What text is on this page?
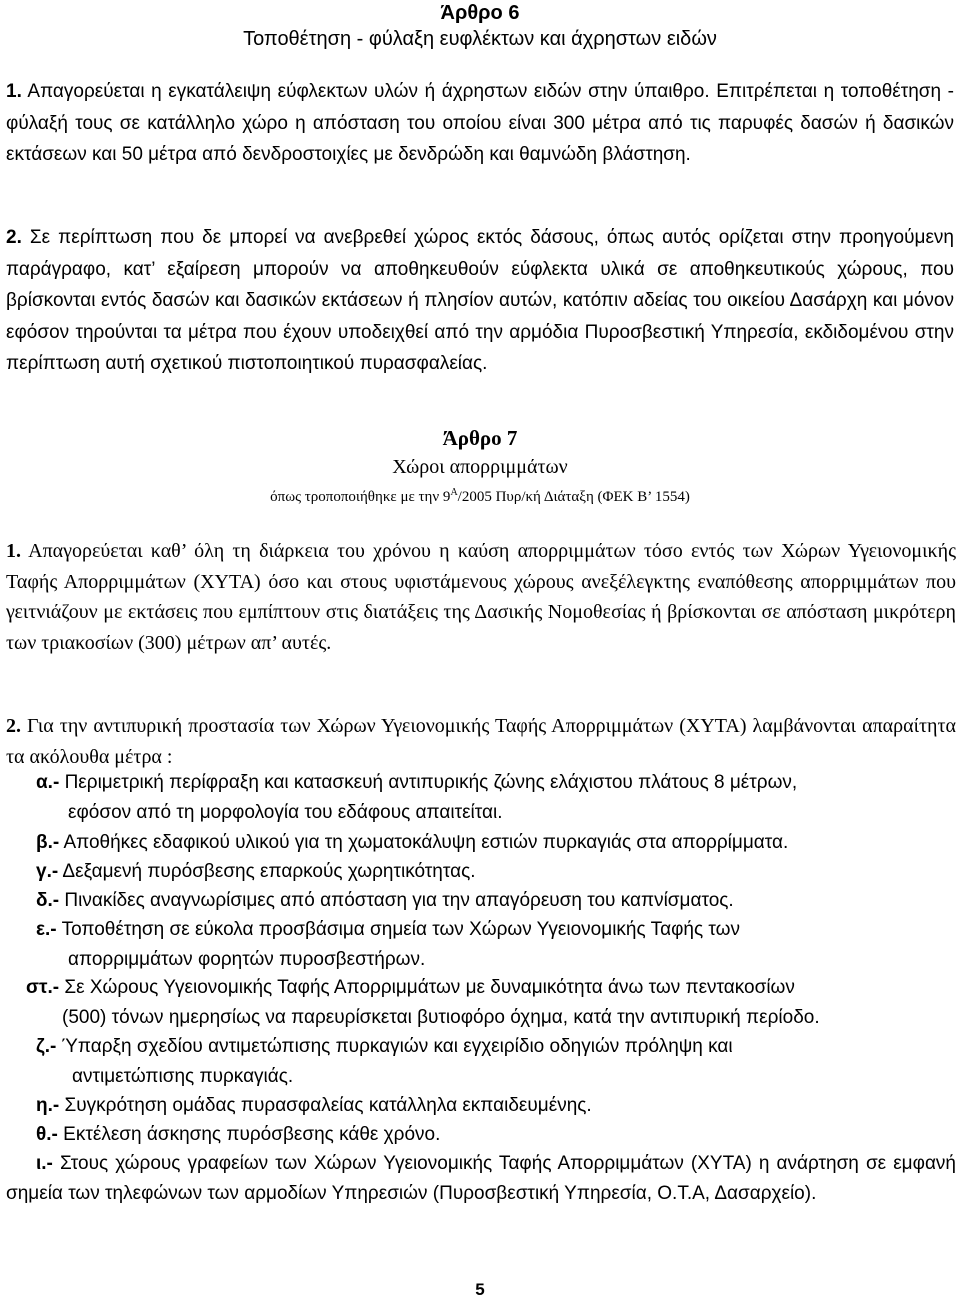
Άρθρο 6
Τοποθέτηση - φύλαξη ευφλέκτων και άχρηστων ειδών
1. Απαγορεύεται η εγκατάλειψη εύφλεκτων υλών ή άχρηστων ειδών στην ύπαιθρο. Επιτρέπεται η τοποθέτηση - φύλαξή τους σε κατάλληλο χώρο η απόσταση του οποίου είναι 300 μέτρα από τις παρυφές δασών ή δασικών εκτάσεων και 50 μέτρα από δενδροστοιχίες με δενδρώδη και θαμνώδη βλάστηση.
2. Σε περίπτωση που δε μπορεί να ανεβρεθεί χώρος εκτός δάσους, όπως αυτός ορίζεται στην προηγούμενη παράγραφο, κατ’ εξαίρεση μπορούν να αποθηκευθούν εύφλεκτα υλικά σε αποθηκευτικούς χώρους, που βρίσκονται εντός δασών και δασικών εκτάσεων ή πλησίον αυτών, κατόπιν αδείας του οικείου Δασάρχη και μόνον εφόσον τηρούνται τα μέτρα που έχουν υποδειχθεί από την αρμόδια Πυροσβεστική Υπηρεσία, εκδιδομένου στην περίπτωση αυτή σχετικού πιστοποιητικού πυρασφαλείας.
Άρθρο 7
Χώροι απορριμμάτων
όπως τροποποιήθηκε με την $9^A/2005$ Πυρ/κή Διάταξη (ΦΕΚ Β’ 1554)
1. Απαγορεύεται καθ’ όλη τη διάρκεια του χρόνου η καύση απορριμμάτων τόσο εντός των Χώρων Υγειονομικής Ταφής Απορριμμάτων (ΧΥΤΑ) όσο και στους υφιστάμενους χώρους ανεξέλεγκτης εναπόθεσης απορριμμάτων που γειτνιάζουν με εκτάσεις που εμπίπτουν στις διατάξεις της Δασικής Νομοθεσίας ή βρίσκονται σε απόσταση μικρότερη των τριακοσίων (300) μέτρων απ’ αυτές.
2. Για την αντιπυρική προστασία των Χώρων Υγειονομικής Ταφής Απορριμμάτων (ΧΥΤΑ) λαμβάνονται απαραίτητα τα ακόλουθα μέτρα :
α.- Περιμετρική περίφραξη και κατασκευή αντιπυρικής ζώνης ελάχιστου πλάτους 8 μέτρων,
εφόσον από τη μορφολογία του εδάφους απαιτείται.
β.- Αποθήκες εδαφικού υλικού για τη χωματοκάλυψη εστιών πυρκαγιάς στα απορρίμματα.
γ.- Δεξαμενή πυρόσβεσης επαρκούς χωρητικότητας.
δ.- Πινακίδες αναγνωρίσιμες από απόσταση για την απαγόρευση του καπνίσματος.
ε.- Τοποθέτηση σε εύκολα προσβάσιμα σημεία των Χώρων Υγειονομικής Ταφής των
απορριμμάτων φορητών πυροσβεστήρων.
στ.- Σε Χώρους Υγειονομικής Ταφής Απορριμμάτων με δυναμικότητα άνω των πεντακοσίων
(500) τόνων ημερησίως να παρευρίσκεται βυτιοφόρο όχημα, κατά την αντιπυρική περίοδο.
ζ.- Ύπαρξη σχεδίου αντιμετώπισης πυρκαγιών και εγχειρίδιο οδηγιών πρόληψη και
αντιμετώπισης πυρκαγιάς.
η.- Συγκρότηση ομάδας πυρασφαλείας κατάλληλα εκπαιδευμένης.
θ.- Εκτέλεση άσκησης πυρόσβεσης κάθε χρόνο.
ι.- Στους χώρους γραφείων των Χώρων Υγειονομικής Ταφής Απορριμμάτων (ΧΥΤΑ) η ανάρτηση σε εμφανή σημεία των τηλεφώνων των αρμοδίων Υπηρεσιών (Πυροσβεστική Υπηρεσία, Ο.Τ.Α, Δασαρχείο).
5
